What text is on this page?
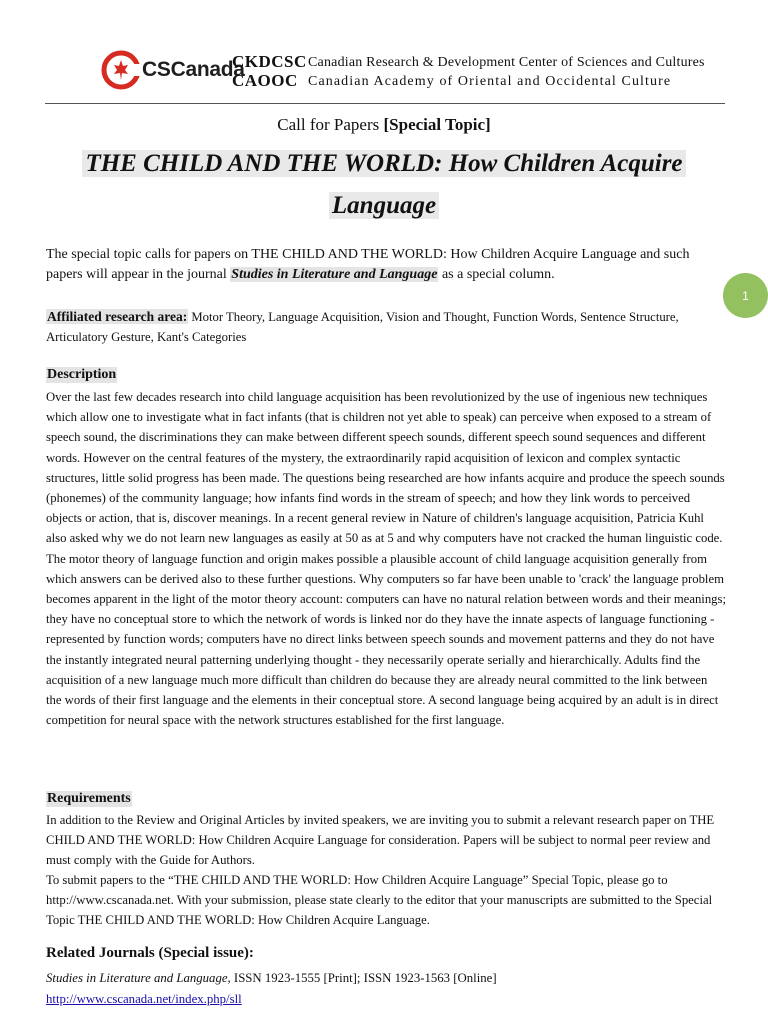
CSCanada
CKDCSC Canadian Research & Development Center of Sciences and Cultures
CAOOC Canadian Academy of Oriental and Occidental Culture
Call for Papers [Special Topic]
THE CHILD AND THE WORLD: How Children Acquire
Language
The special topic calls for papers on THE CHILD AND THE WORLD: How Children Acquire Language and such papers will appear in the journal Studies in Literature and Language as a special column.
1
Affiliated research area: Motor Theory, Language Acquisition, Vision and Thought, Function Words, Sentence Structure, Articulatory Gesture, Kant's Categories
Description
Over the last few decades research into child language acquisition has been revolutionized by the use of ingenious new techniques which allow one to investigate what in fact infants (that is children not yet able to speak) can perceive when exposed to a stream of speech sound, the discriminations they can make between different speech sounds, different speech sound sequences and different words. However on the central features of the mystery, the extraordinarily rapid acquisition of lexicon and complex syntactic structures, little solid progress has been made. The questions being researched are how infants acquire and produce the speech sounds (phonemes) of the community language; how infants find words in the stream of speech; and how they link words to perceived objects or action, that is, discover meanings. In a recent general review in Nature of children's language acquisition, Patricia Kuhl also asked why we do not learn new languages as easily at 50 as at 5 and why computers have not cracked the human linguistic code. The motor theory of language function and origin makes possible a plausible account of child language acquisition generally from which answers can be derived also to these further questions. Why computers so far have been unable to 'crack' the language problem becomes apparent in the light of the motor theory account: computers can have no natural relation between words and their meanings; they have no conceptual store to which the network of words is linked nor do they have the innate aspects of language functioning - represented by function words; computers have no direct links between speech sounds and movement patterns and they do not have the instantly integrated neural patterning underlying thought - they necessarily operate serially and hierarchically. Adults find the acquisition of a new language much more difficult than children do because they are already neural committed to the link between the words of their first language and the elements in their conceptual store. A second language being acquired by an adult is in direct competition for neural space with the network structures established for the first language.
Requirements
In addition to the Review and Original Articles by invited speakers, we are inviting you to submit a relevant research paper on THE CHILD AND THE WORLD: How Children Acquire Language for consideration. Papers will be subject to normal peer review and must comply with the Guide for Authors.
To submit papers to the “THE CHILD AND THE WORLD: How Children Acquire Language” Special Topic, please go to http://www.cscanada.net. With your submission, please state clearly to the editor that your manuscripts are submitted to the Special Topic THE CHILD AND THE WORLD: How Children Acquire Language.
Related Journals (Special issue):
Studies in Literature and Language, ISSN 1923-1555 [Print]; ISSN 1923-1563 [Online]
http://www.cscanada.net/index.php/sll
